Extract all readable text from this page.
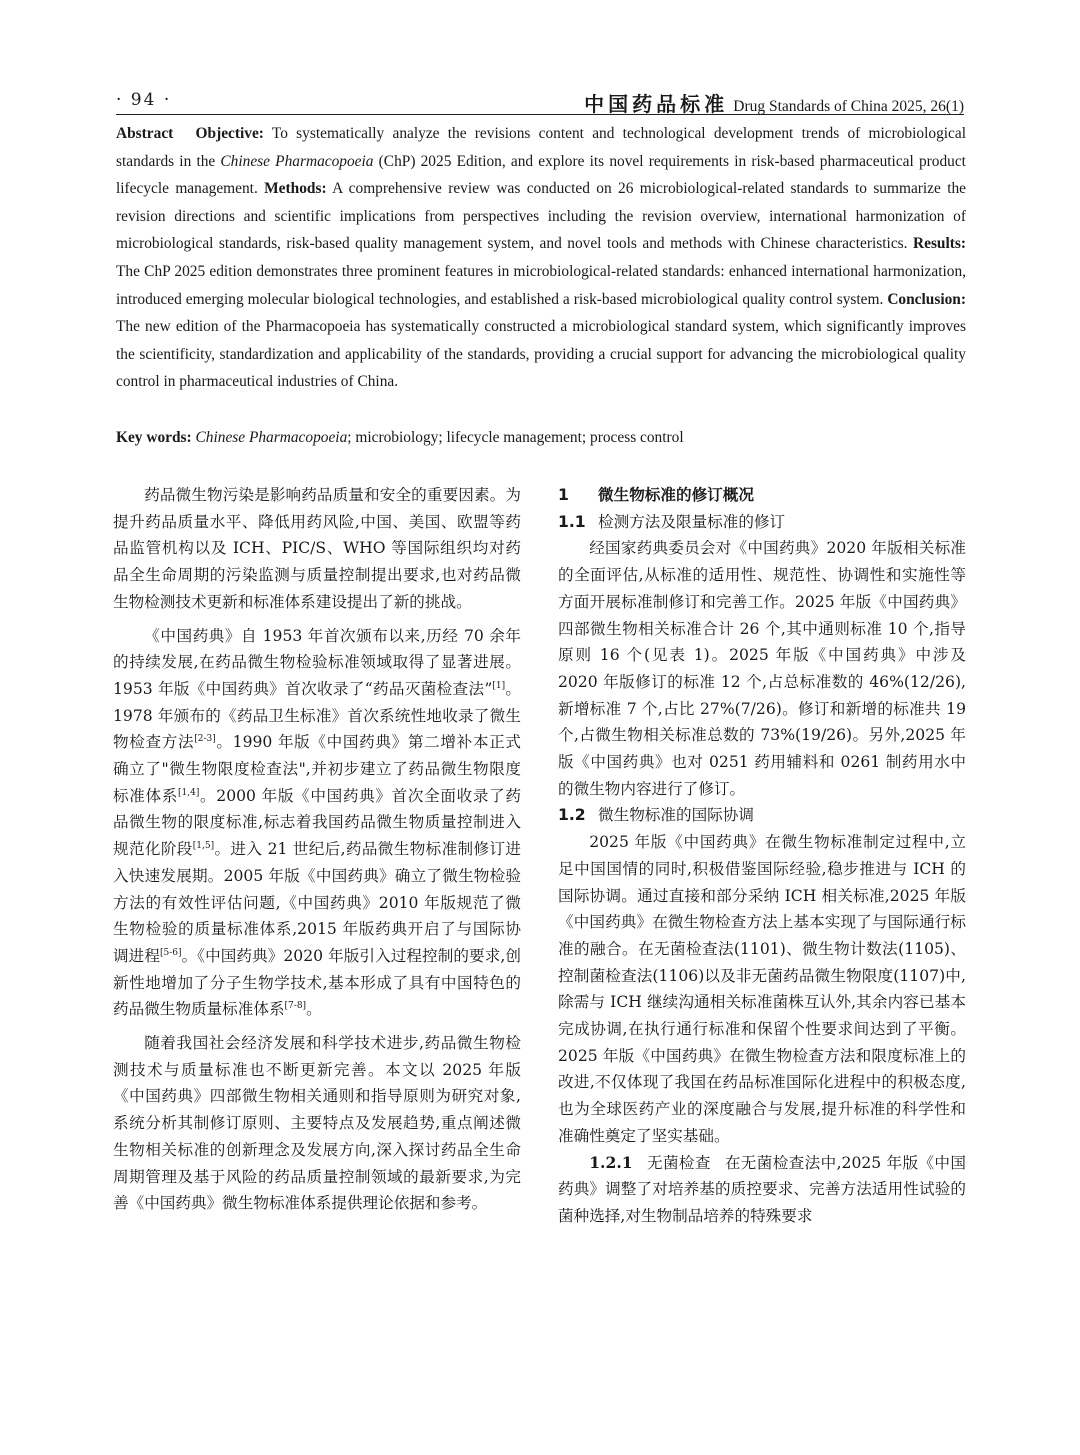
· 94 ·	中国药品标准 Drug Standards of China 2025, 26(1)
Abstract Objective: To systematically analyze the revisions content and technological development trends of microbiological standards in the Chinese Pharmacopoeia (ChP) 2025 Edition, and explore its novel requirements in risk-based pharmaceutical product lifecycle management. Methods: A comprehensive review was conducted on 26 microbiological-related standards to summarize the revision directions and scientific implications from perspectives including the revision overview, international harmonization of microbiological standards, risk-based quality management system, and novel tools and methods with Chinese characteristics. Results: The ChP 2025 edition demonstrates three prominent features in microbiological-related standards: enhanced international harmonization, introduced emerging molecular biological technologies, and established a risk-based microbiological quality control system. Conclusion: The new edition of the Pharmacopoeia has systematically constructed a microbiological standard system, which significantly improves the scientificity, standardization and applicability of the standards, providing a crucial support for advancing the microbiological quality control in pharmaceutical industries of China.
Key words: Chinese Pharmacopoeia; microbiology; lifecycle management; process control

药品微生物污染是影响药品质量和安全的重要因素。为提升药品质量水平、降低用药风险,中国、美国、欧盟等药品监管机构以及 ICH、PIC/S、WHO 等国际组织均对药品全生命周期的污染监测与质量控制提出要求,也对药品微生物检测技术更新和标准体系建设提出了新的挑战。

《中国药典》自 1953 年首次颁布以来,历经 70 余年的持续发展,在药品微生物检验标准领域取得了显著进展。1953 年版《中国药典》首次收录了“药品灭菌检查法”[1]。1978 年颁布的《药品卫生标准》首次系统性地收录了微生物检查方法[2-3]。1990 年版《中国药典》第二增补本正式确立了"微生物限度检查法",并初步建立了药品微生物限度标准体系[1,4]。2000 年版《中国药典》首次全面收录了药品微生物的限度标准,标志着我国药品微生物质量控制进入规范化阶段[1,5]。进入 21 世纪后,药品微生物标准制修订进入快速发展期。2005 年版《中国药典》确立了微生物检验方法的有效性评估问题,《中国药典》2010 年版规范了微生物检验的质量标准体系,2015 年版药典开启了与国际协调进程[5-6]。《中国药典》2020 年版引入过程控制的要求,创新性地增加了分子生物学技术,基本形成了具有中国特色的药品微生物质量标准体系[7-8]。

随着我国社会经济发展和科学技术进步,药品微生物检测技术与质量标准也不断更新完善。本文以 2025 年版《中国药典》四部微生物相关通则和指导原则为研究对象,系统分析其制修订原则、主要特点及发展趋势,重点阐述微生物相关标准的创新理念及发展方向,深入探讨药品全生命周期管理及基于风险的药品质量控制领域的最新要求,为完善《中国药典》微生物标准体系提供理论依据和参考。

1 微生物标准的修订概况
1.1 检测方法及限量标准的修订

经国家药典委员会对《中国药典》2020 年版相关标准的全面评估,从标准的适用性、规范性、协调性和实施性等方面开展标准制修订和完善工作。2025 年版《中国药典》四部微生物相关标准合计 26 个,其中通则标准 10 个,指导原则 16 个(见表 1)。2025 年版《中国药典》中涉及 2020 年版修订的标准 12 个,占总标准数的 46%(12/26),新增标准 7 个,占比 27%(7/26)。修订和新增的标准共 19 个,占微生物相关标准总数的 73%(19/26)。另外,2025 年版《中国药典》也对 0251 药用辅料和 0261 制药用水中的微生物内容进行了修订。

1.2 微生物标准的国际协调

2025 年版《中国药典》在微生物标准制定过程中,立足中国国情的同时,积极借鉴国际经验,稳步推进与 ICH 的国际协调。通过直接和部分采纳 ICH 相关标准,2025 年版《中国药典》在微生物检查方法上基本实现了与国际通行标准的融合。在无菌检查法(1101)、微生物计数法(1105)、控制菌检查法(1106)以及非无菌药品微生物限度(1107)中,除需与 ICH 继续沟通相关标准菌株互认外,其余内容已基本完成协调,在执行通行标准和保留个性要求间达到了平衡。2025 年版《中国药典》在微生物检查方法和限度标准上的改进,不仅体现了我国在药品标准国际化进程中的积极态度,也为全球医药产业的深度融合与发展,提升标准的科学性和准确性奠定了坚实基础。

1.2.1 无菌检查 在无菌检查法中,2025 年版《中国药典》调整了对培养基的质控要求、完善方法适用性试验的菌种选择,对生物制品培养的特殊要求
